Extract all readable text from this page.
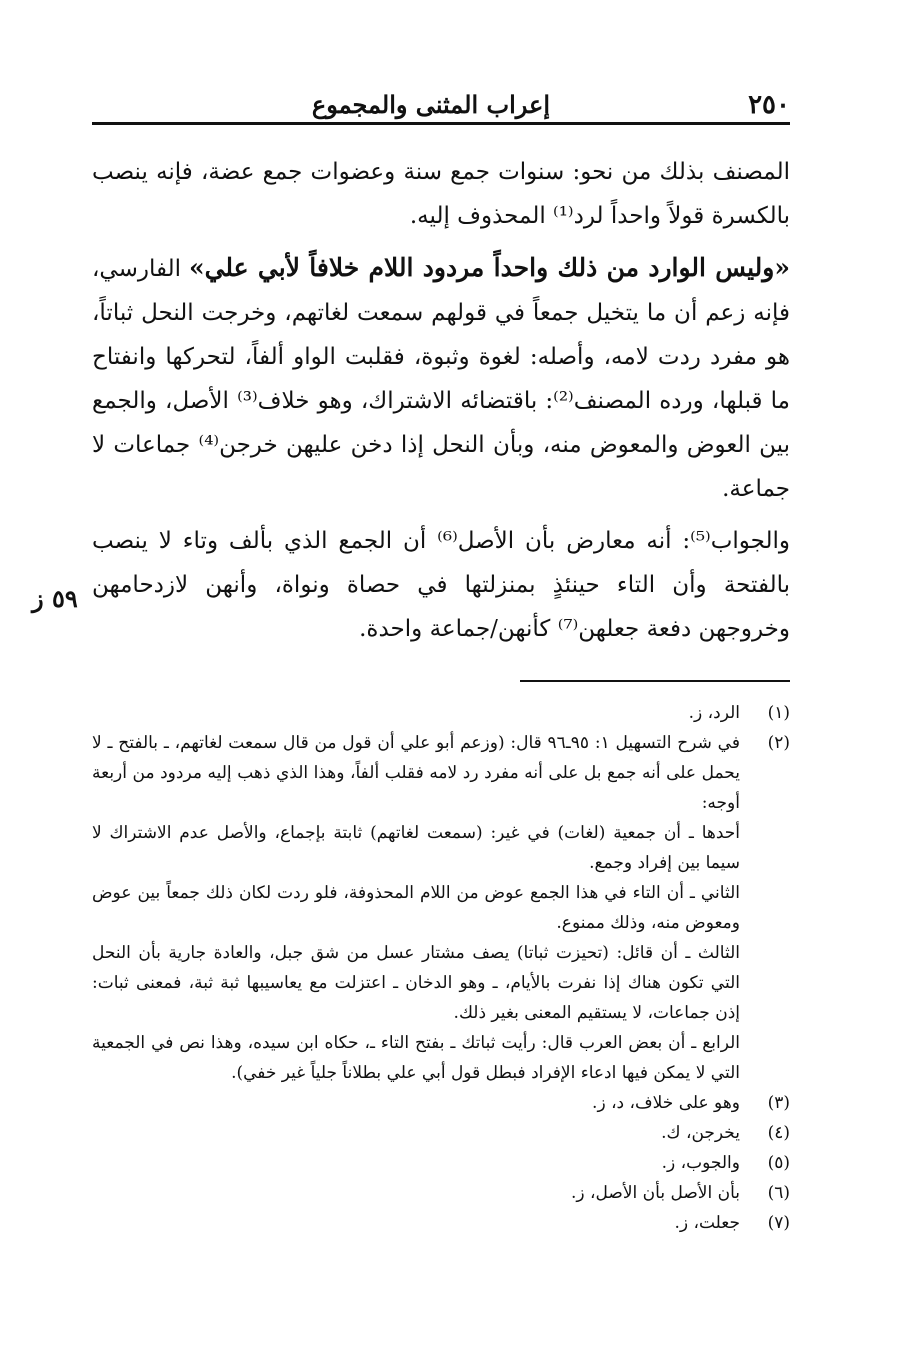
٢٥٠
إعراب المثنى والمجموع

المصنف بذلك من نحو: سنوات جمع سنة وعضوات جمع عضة، فإنه ينصب بالكسرة قولاً واحداً لرد⁽¹⁾ المحذوف إليه.

«وليس الوارد من ذلك واحداً مردود اللام خلافاً لأبي علي» الفارسي، فإنه زعم أن ما يتخيل جمعاً في قولهم سمعت لغاتهم، وخرجت النحل ثباتاً، هو مفرد ردت لامه، وأصله: لغوة وثبوة، فقلبت الواو ألفاً، لتحركها وانفتاح ما قبلها، ورده المصنف⁽²⁾: باقتضائه الاشتراك، وهو خلاف⁽³⁾ الأصل، والجمع بين العوض والمعوض منه، وبأن النحل إذا دخن عليهن خرجن⁽⁴⁾ جماعات لا جماعة.

والجواب⁽⁵⁾: أنه معارض بأن الأصل⁽⁶⁾ أن الجمع الذي بألف وتاء لا ينصب بالفتحة وأن التاء حينئذٍ بمنزلتها في حصاة ونواة، وأنهن لازدحامهن وخروجهن دفعة جعلهن⁽⁷⁾ كأنهن/جماعة واحدة.

٥٩ ز
(١)
الرد، ز.
(٢)
في شرح التسهيل ١: ٩٥ـ٩٦ قال: (وزعم أبو علي أن قول من قال سمعت لغاتهم، ـ بالفتح ـ لا يحمل على أنه جمع بل على أنه مفرد رد لامه فقلب ألفاً، وهذا الذي ذهب إليه مردود من أربعة أوجه:
أحدها ـ أن جمعية (لغات) في غير: (سمعت لغاتهم) ثابتة بإجماع، والأصل عدم الاشتراك لا سيما بين إفراد وجمع.
الثاني ـ أن التاء في هذا الجمع عوض من اللام المحذوفة، فلو ردت لكان ذلك جمعاً بين عوض ومعوض منه، وذلك ممنوع.
الثالث ـ أن قائل: (تحيزت ثباتا) يصف مشتار عسل من شق جبل، والعادة جارية بأن النحل التي تكون هناك إذا نفرت بالأيام، ـ وهو الدخان ـ اعتزلت مع يعاسيبها ثبة ثبة، فمعنى ثبات: إذن جماعات، لا يستقيم المعنى بغير ذلك.
الرابع ـ أن بعض العرب قال: رأيت ثباتك ـ بفتح التاء ـ، حكاه ابن سيده، وهذا نص في الجمعية التي لا يمكن فيها ادعاء الإفراد فبطل قول أبي علي بطلاناً جلياً غير خفي).
(٣)
وهو على خلاف، د، ز.
(٤)
يخرجن، ك.
(٥)
والجوب، ز.
(٦)
بأن الأصل بأن الأصل، ز.
(٧)
جعلت، ز.
